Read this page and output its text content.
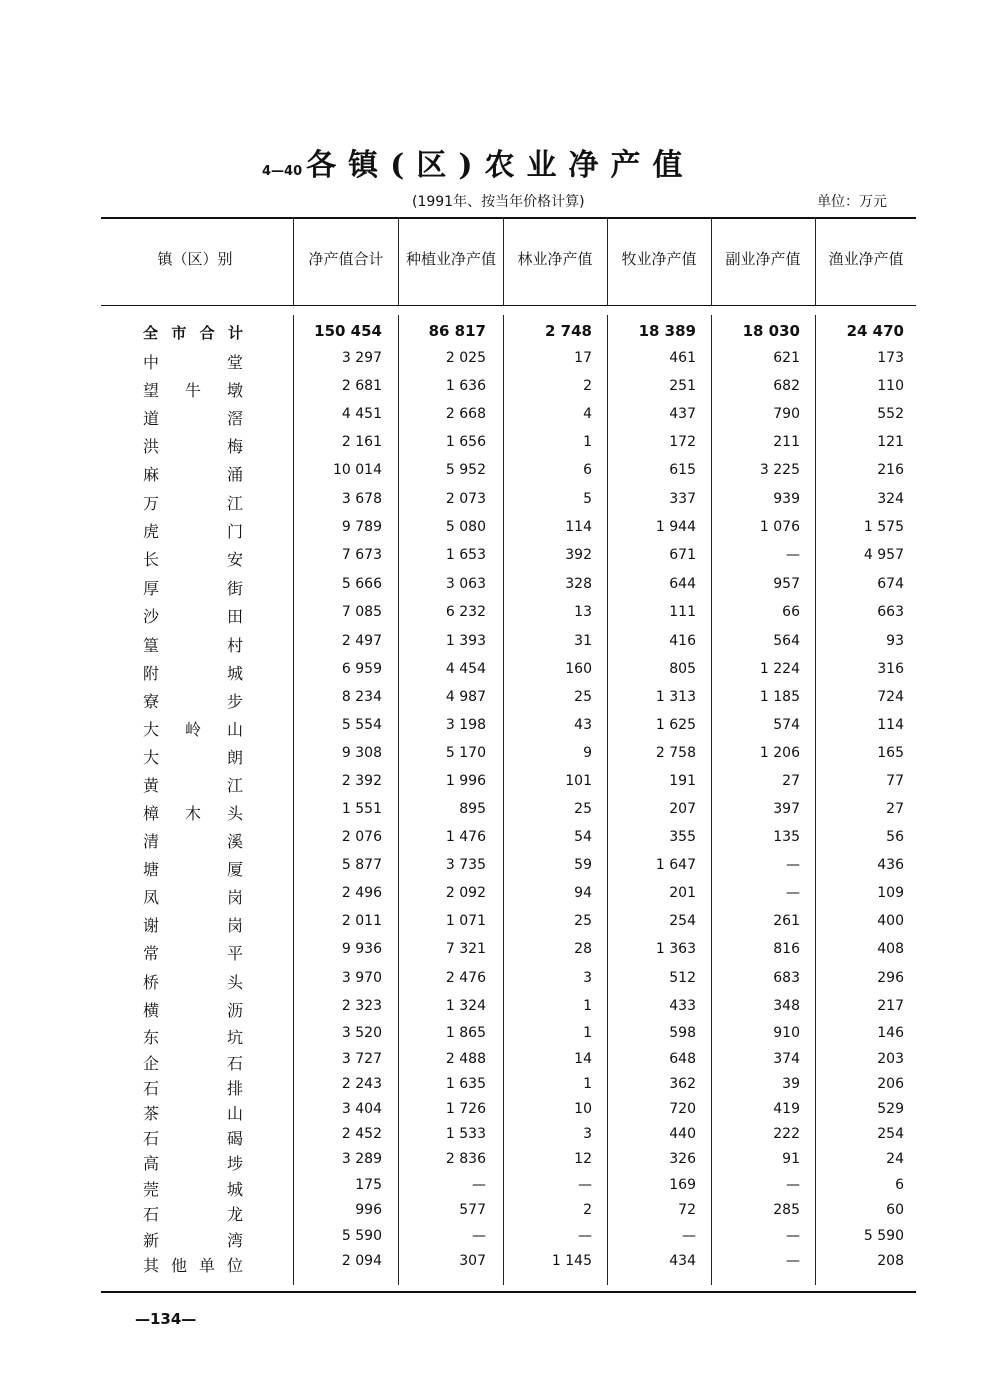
4—40 各镇(区)农业净产值
(1991年、按当年价格计算)	单位：万元
镇（区）别	净产值合计 种植业净产值 林业净产值 牧业净产值 副业净产值 渔业净产值
全 市 合 计	150 454	86 817	2 748	18 389	18 030	24 470
中	堂	3 297	2 025	17	461	621	173
望 牛 墩	2 681	1 636	2	251	682	110
道	滘	4 451	2 668	4	437	790	552
洪	梅	2 161	1 656	1	172	211	121
麻	涌	10 014	5 952	6	615	3 225	216
万	江	3 678	2 073	5	337	939	324
虎	门	9 789	5 080	114	1 944	1 076	1 575
长	安	7 673	1 653	392	671	—	4 957
厚	街	5 666	3 063	328	644	957	674
沙	田	7 085	6 232	13	111	66	663
篁	村	2 497	1 393	31	416	564	93
附	城	6 959	4 454	160	805	1 224	316
寮	步	8 234	4 987	25	1 313	1 185	724
大 岭 山	5 554	3 198	43	1 625	574	114
大	朗	9 308	5 170	9	2 758	1 206	165
黄	江	2 392	1 996	101	191	27	77
樟 木 头	1 551	895	25	207	397	27
清	溪	2 076	1 476	54	355	135	56
塘	厦	5 877	3 735	59	1 647	—	436
凤	岗	2 496	2 092	94	201	—	109
谢	岗	2 011	1 071	25	254	261	400
常	平	9 936	7 321	28	1 363	816	408
桥	头	3 970	2 476	3	512	683	296
横	沥	2 323	1 324	1	433	348	217
东	坑	3 520	1 865	1	598	910	146
企	石	3 727	2 488	14	648	374	203
石	排	2 243	1 635	1	362	39	206
茶	山	3 404	1 726	10	720	419	529
石	碣	2 452	1 533	3	440	222	254
高	埗	3 289	2 836	12	326	91	24
莞	城	175	—	—	169	—	6
石	龙	996	577	2	72	285	60
新	湾	5 590	—	—	—	—	5 590
其 他 单 位	2 094	307	1 145	434	—	208
—134—
